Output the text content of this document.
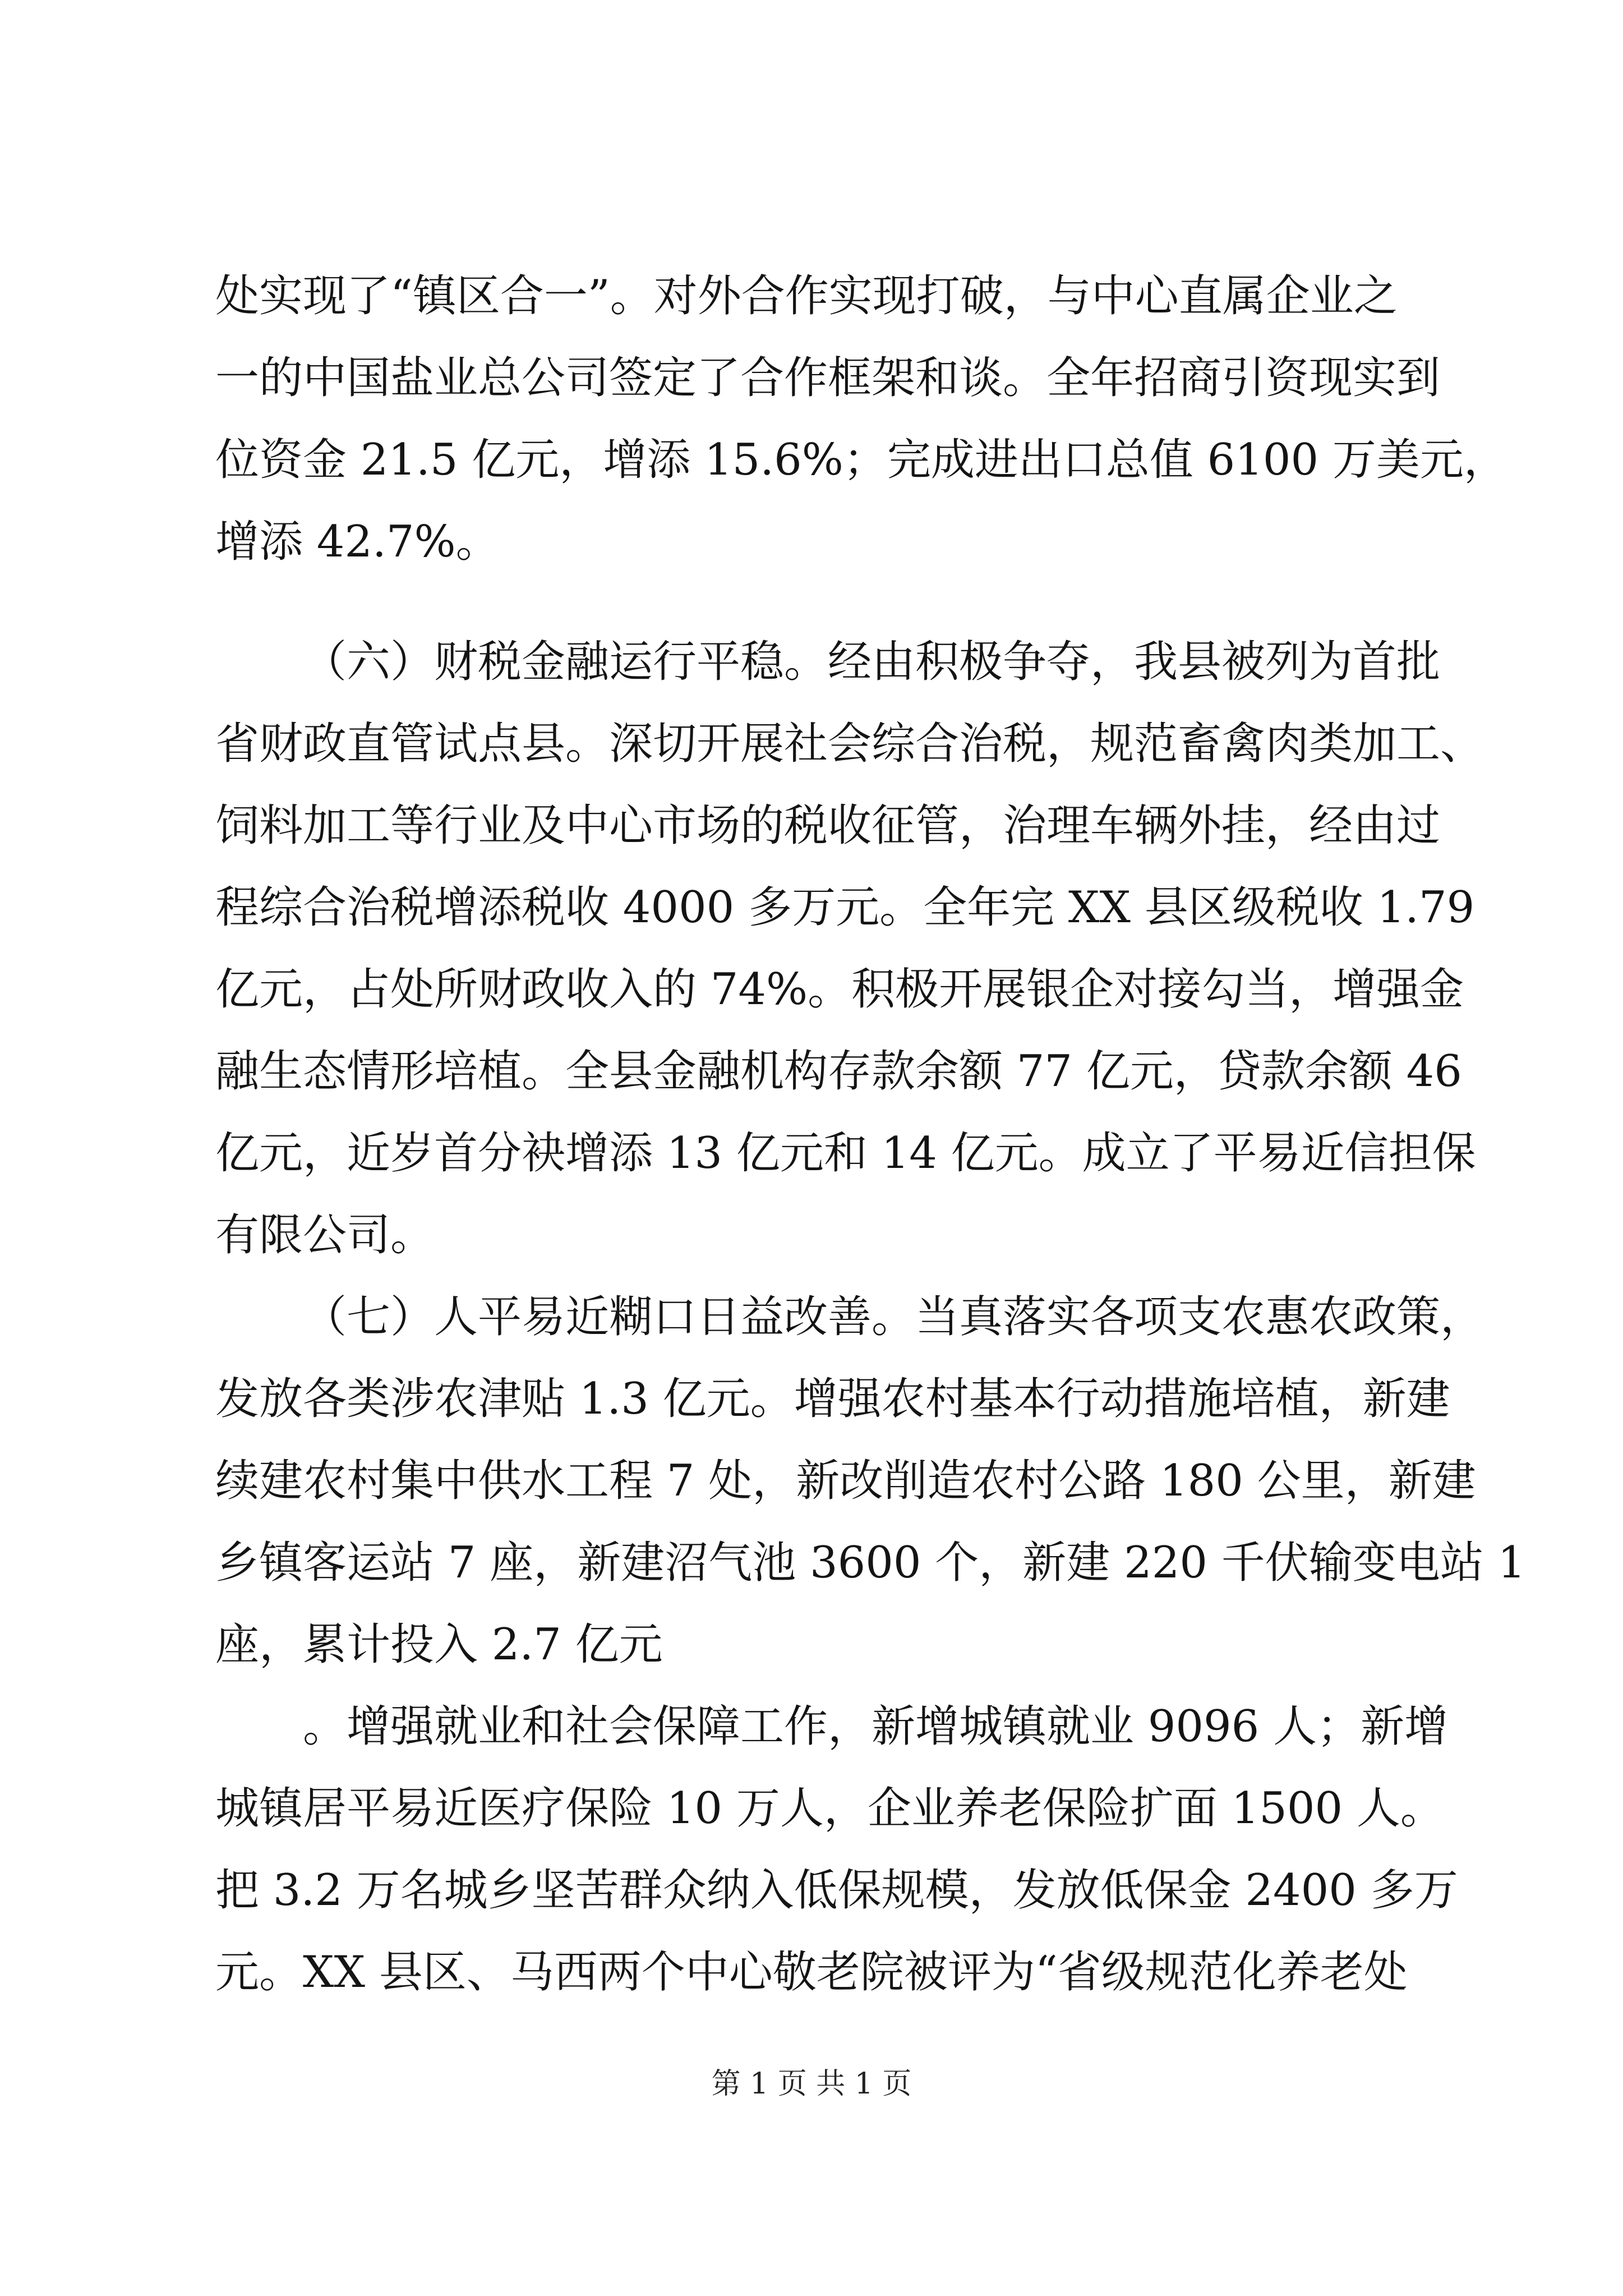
处实现了“镇区合一”。对外合作实现打破，与中心直属企业之
一的中国盐业总公司签定了合作框架和谈。全年招商引资现实到
位资金 21.5 亿元，增添 15.6%；完成进出口总值 6100 万美元，
增添 42.7%。
（六）财税金融运行平稳。经由积极争夺，我县被列为首批
省财政直管试点县。深切开展社会综合治税，规范畜禽肉类加工、
饲料加工等行业及中心市场的税收征管，治理车辆外挂，经由过
程综合治税增添税收 4000 多万元。全年完 XX 县区级税收 1.79
亿元，占处所财政收入的 74%。积极开展银企对接勾当，增强金
融生态情形培植。全县金融机构存款余额 77 亿元，贷款余额 46
亿元，近岁首分袂增添 13 亿元和 14 亿元。成立了平易近信担保
有限公司。
（七）人平易近糊口日益改善。当真落实各项支农惠农政策，
发放各类涉农津贴 1.3 亿元。增强农村基本行动措施培植，新建
续建农村集中供水工程 7 处，新改削造农村公路 180 公里，新建
乡镇客运站 7 座，新建沼气池 3600 个，新建 220 千伏输变电站 1
座，累计投入 2.7 亿元
。增强就业和社会保障工作，新增城镇就业 9096 人；新增
城镇居平易近医疗保险 10 万人，企业养老保险扩面 1500 人。
把 3.2 万名城乡坚苦群众纳入低保规模，发放低保金 2400 多万
元。XX 县区、马西两个中心敬老院被评为“省级规范化养老处
第 1 页 共 1 页
